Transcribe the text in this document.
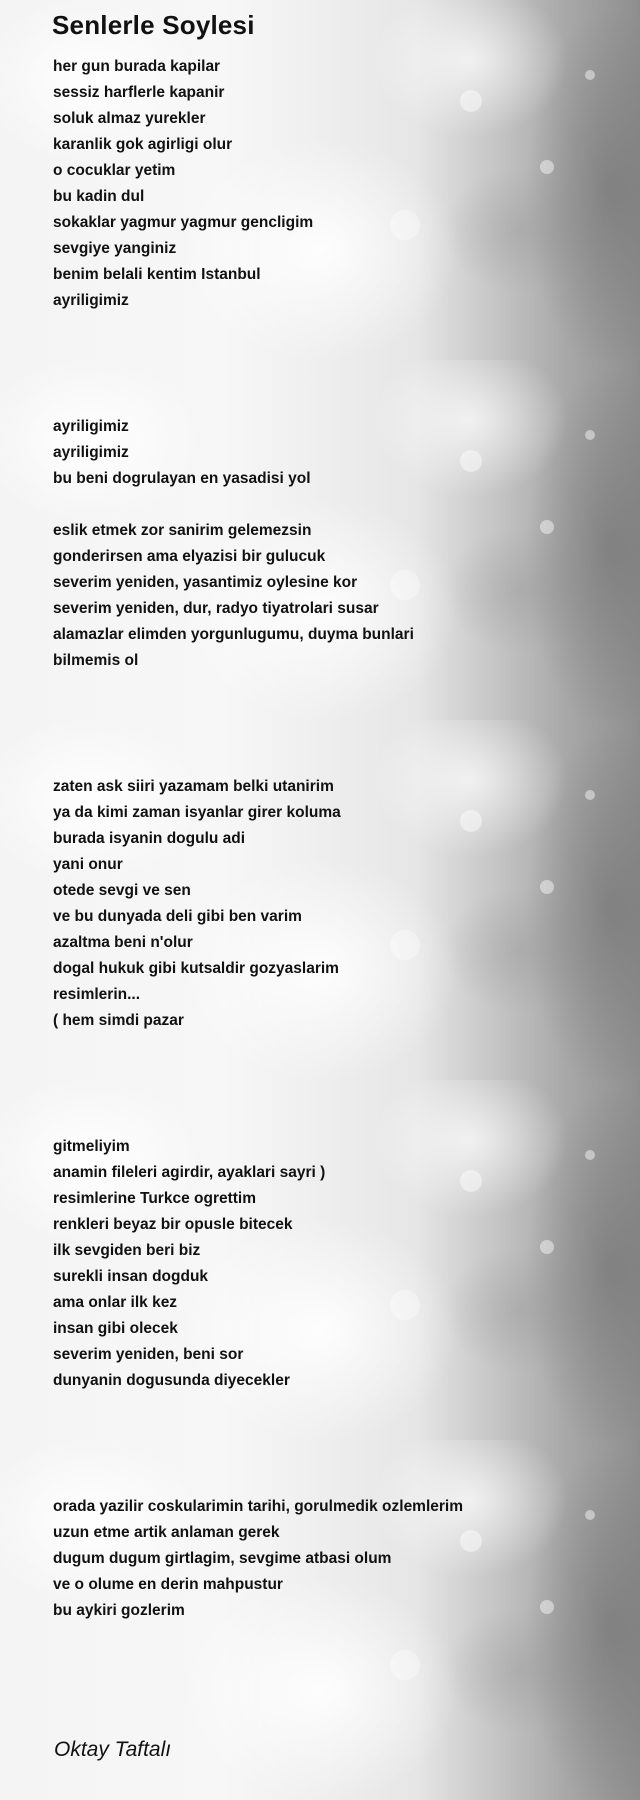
Senlerle Soylesi
her gun burada kapilar
sessiz harflerle kapanir
soluk almaz yurekler
karanlik gok agirligi olur
o cocuklar yetim
bu kadin dul
sokaklar yagmur yagmur gencligim
sevgiye yanginiz
benim belali kentim Istanbul
ayriligimiz
ayriligimiz
ayriligimiz
bu beni dogrulayan en yasadisi yol
eslik etmek zor sanirim gelemezsin
gonderirsen ama elyazisi bir gulucuk
severim yeniden, yasantimiz oylesine kor
severim yeniden, dur, radyo tiyatrolari susar
alamazlar elimden yorgunlugumu, duyma bunlari
bilmemis ol
zaten ask siiri yazamam belki utanirim
ya da kimi zaman isyanlar girer koluma
burada isyanin dogulu adi
yani onur
otede sevgi ve sen
ve bu dunyada deli gibi ben varim
azaltma beni n'olur
dogal hukuk gibi kutsaldir gozyaslarim
resimlerin...
( hem simdi pazar
gitmeliyim
anamin fileleri agirdir, ayaklari sayri )
resimlerine Turkce ogrettim
renkleri beyaz bir opusle bitecek
ilk sevgiden beri biz
surekli insan dogduk
ama onlar ilk kez
insan gibi olecek
severim yeniden, beni sor
dunyanin dogusunda diyecekler
orada yazilir coskularimin tarihi, gorulmedik ozlemlerim
uzun etme artik anlaman gerek
dugum dugum girtlagim, sevgime atbasi olum
ve o olume en derin mahpustur
bu aykiri gozlerim

Oktay Taftalı
